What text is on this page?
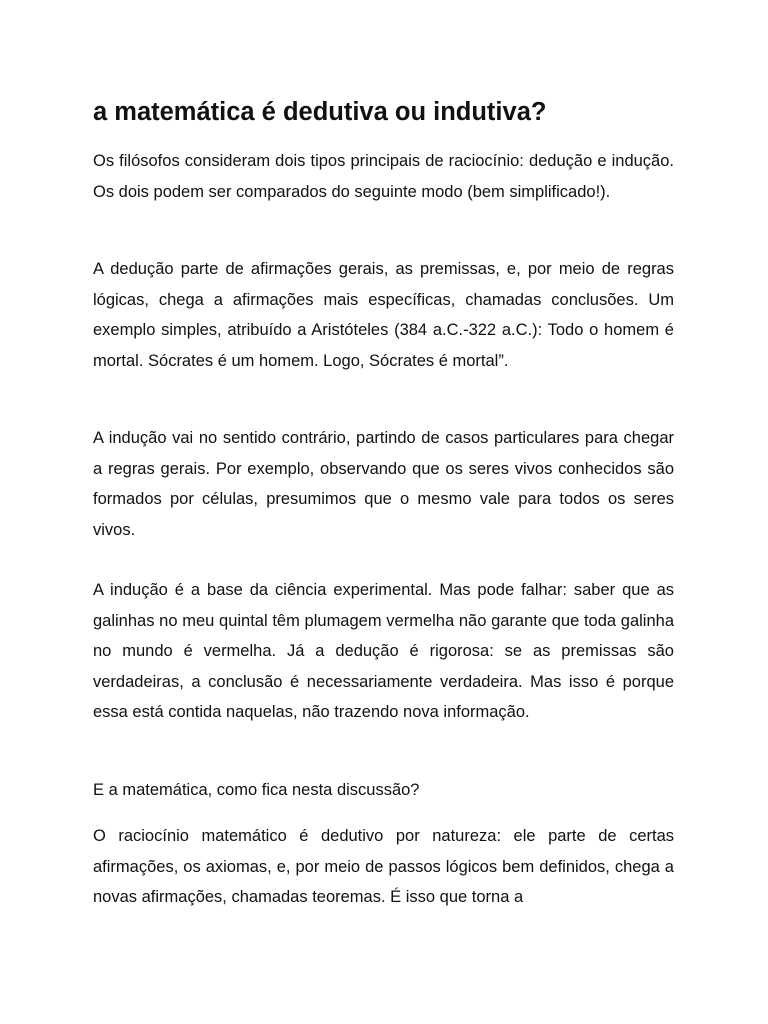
a matemática é dedutiva ou indutiva?

Os filósofos consideram dois tipos principais de raciocínio: dedução e indução. Os dois podem ser comparados do seguinte modo (bem simplificado!).

A dedução parte de afirmações gerais, as premissas, e, por meio de regras lógicas, chega a afirmações mais específicas, chamadas conclusões. Um exemplo simples, atribuído a Aristóteles (384 a.C.-322 a.C.): Todo o homem é mortal. Sócrates é um homem. Logo, Sócrates é mortal”.

A indução vai no sentido contrário, partindo de casos particulares para chegar a regras gerais. Por exemplo, observando que os seres vivos conhecidos são formados por células, presumimos que o mesmo vale para todos os seres vivos.

A indução é a base da ciência experimental. Mas pode falhar: saber que as galinhas no meu quintal têm plumagem vermelha não garante que toda galinha no mundo é vermelha. Já a dedução é rigorosa: se as premissas são verdadeiras, a conclusão é necessariamente verdadeira. Mas isso é porque essa está contida naquelas, não trazendo nova informação.

E a matemática, como fica nesta discussão?

O raciocínio matemático é dedutivo por natureza: ele parte de certas afirmações, os axiomas, e, por meio de passos lógicos bem definidos, chega a novas afirmações, chamadas teoremas. É isso que torna a
